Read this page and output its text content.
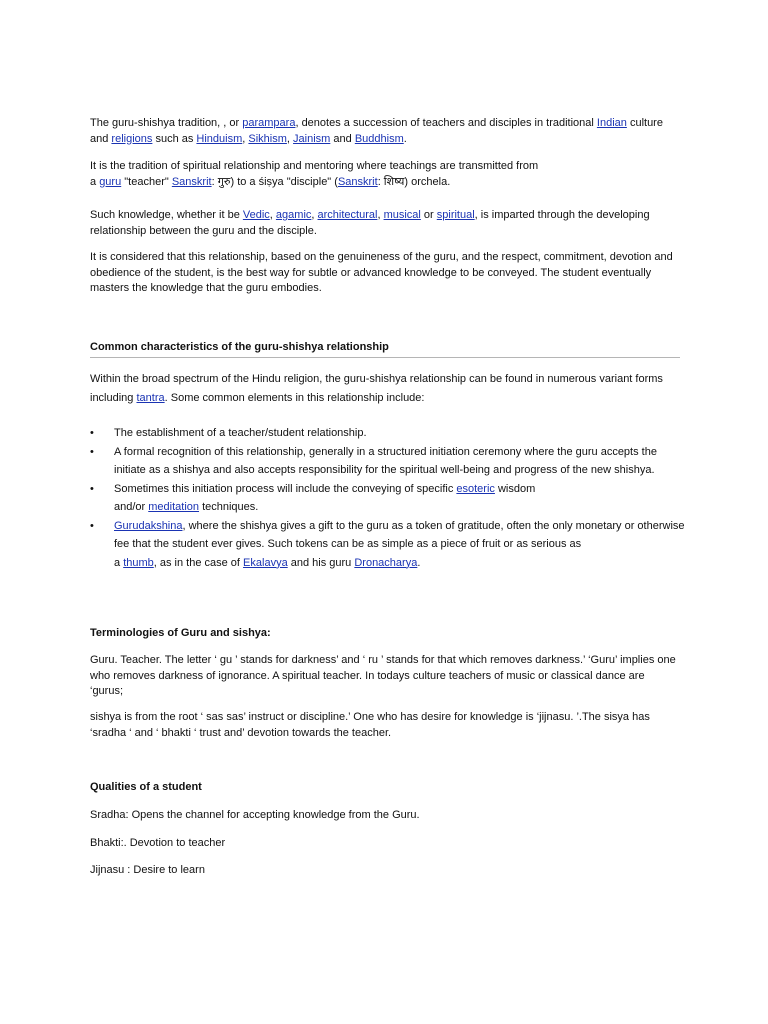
The guru-shishya tradition, , or parampara, denotes a succession of teachers and disciples in traditional Indian culture and religions such as Hinduism, Sikhism, Jainism and Buddhism.

It is the tradition of spiritual relationship and mentoring where teachings are transmitted from

a guru "teacher" Sanskrit: गुरु) to a śiṣya "disciple" (Sanskrit: शिष्य) orchela.

Such knowledge, whether it be Vedic, agamic, architectural, musical or spiritual, is imparted through the developing relationship between the guru and the disciple.

It is considered that this relationship, based on the genuineness of the guru, and the respect, commitment, devotion and obedience of the student, is the best way for subtle or advanced knowledge to be conveyed. The student eventually masters the knowledge that the guru embodies.

Common characteristics of the guru-shishya relationship

Within the broad spectrum of the Hindu religion, the guru-shishya relationship can be found in numerous variant forms including tantra. Some common elements in this relationship include:

• The establishment of a teacher/student relationship.
• A formal recognition of this relationship, generally in a structured initiation ceremony where the guru accepts the initiate as a shishya and also accepts responsibility for the spiritual well-being and progress of the new shishya.
• Sometimes this initiation process will include the conveying of specific esoteric wisdom
and/or meditation techniques.
• Gurudakshina, where the shishya gives a gift to the guru as a token of gratitude, often the only monetary or otherwise fee that the student ever gives. Such tokens can be as simple as a piece of fruit or as serious as
a thumb, as in the case of Ekalavya and his guru Dronacharya.
Terminologies of Guru and sishya:

Guru. Teacher. The letter ‘ gu ’ stands for darkness’ and ‘ ru ’ stands for that which removes darkness.’ ‘Guru’ implies one who removes darkness of ignorance. A spiritual teacher. In todays culture teachers of music or classical dance are ‘gurus;

sishya is from the root ‘ sas sas’ instruct or discipline.’ One who has desire for knowledge is ‘jijnasu. ’.The sisya has ‘sradha ‘ and ‘ bhakti ‘ trust and’ devotion towards the teacher.

Qualities of a student

Sradha: Opens the channel for accepting knowledge from the Guru.

Bhakti:. Devotion to teacher

Jijnasu : Desire to learn
